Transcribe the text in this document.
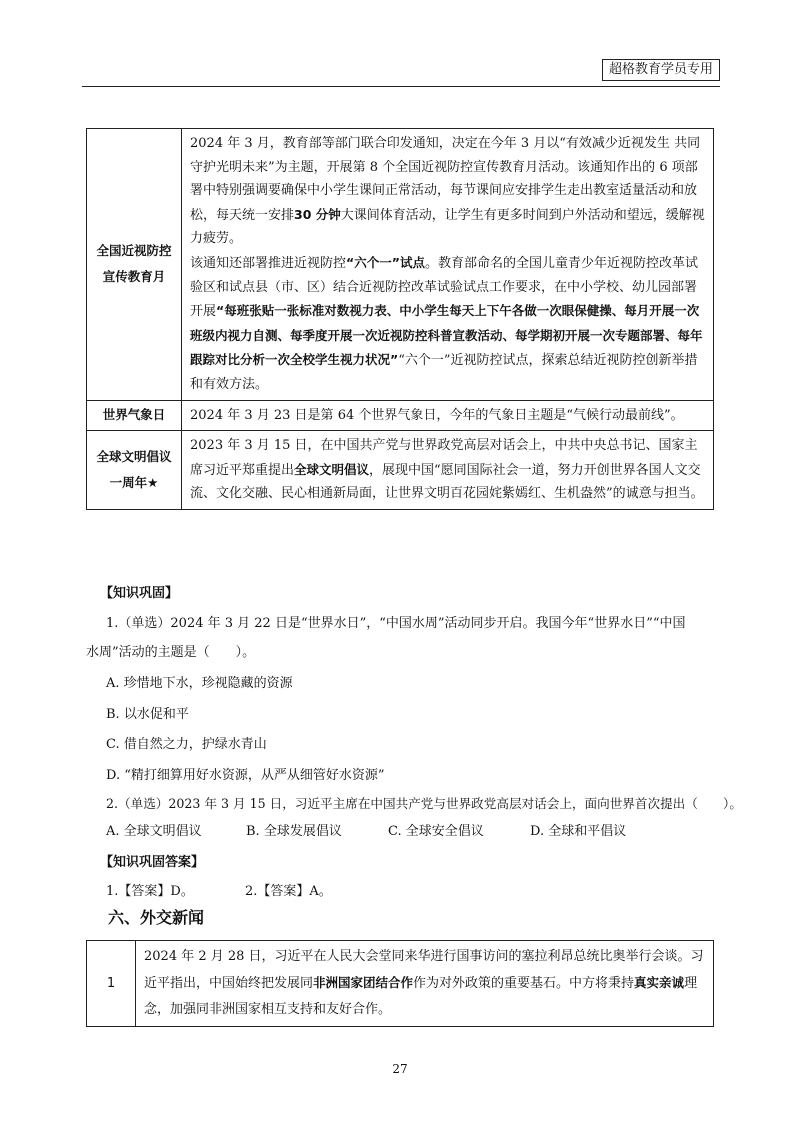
超格教育学员专用
全国近视防控宣传教育月	2024 年 3 月，教育部等部门联合印发通知，决定在今年 3 月以“有效减少近视发生 共同守护光明未来”为主题，开展第 8 个全国近视防控宣传教育月活动。该通知作出的 6 项部署中特别强调要确保中小学生课间正常活动，每节课间应安排学生走出教室适量活动和放松，每天统一安排30 分钟大课间体育活动，让学生有更多时间到户外活动和望远，缓解视力疲劳。

该通知还部署推进近视防控“六个一”试点。教育部命名的全国儿童青少年近视防控改革试验区和试点县（市、区）结合近视防控改革试验试点工作要求，在中小学校、幼儿园部署开展“每班张贴一张标准对数视力表、中小学生每天上下午各做一次眼保健操、每月开展一次班级内视力自测、每季度开展一次近视防控科普宣教活动、每学期初开展一次专题部署、每年跟踪对比分析一次全校学生视力状况”“六个一”近视防控试点，探索总结近视防控创新举措和有效方法。

世界气象日	2024 年 3 月 23 日是第 64 个世界气象日，今年的气象日主题是“气候行动最前线”。
全球文明倡议一周年★	2023 年 3 月 15 日，在中国共产党与世界政党高层对话会上，中共中央总书记、国家主席习近平郑重提出全球文明倡议，展现中国“愿同国际社会一道，努力开创世界各国人文交流、文化交融、民心相通新局面，让世界文明百花园姹紫嫣红、生机盎然”的诚意与担当。
【知识巩固】
1.（单选）2024 年 3 月 22 日是“世界水日”，“中国水周”活动同步开启。我国今年“世界水日”“中国
水周”活动的主题是（　　）。
A. 珍惜地下水，珍视隐藏的资源
B. 以水促和平
C. 借自然之力，护绿水青山
D. “精打细算用好水资源，从严从细管好水资源”
2.（单选）2023 年 3 月 15 日，习近平主席在中国共产党与世界政党高层对话会上，面向世界首次提出（　　）。
A. 全球文明倡议	B. 全球发展倡议	C. 全球安全倡议	D. 全球和平倡议
【知识巩固答案】
1.【答案】D。	2.【答案】A。
六、外交新闻
1	2024 年 2 月 28 日，习近平在人民大会堂同来华进行国事访问的塞拉利昂总统比奥举行会谈。习近平指出，中国始终把发展同非洲国家团结合作作为对外政策的重要基石。中方将秉持真实亲诚理念，加强同非洲国家相互支持和友好合作。
27
